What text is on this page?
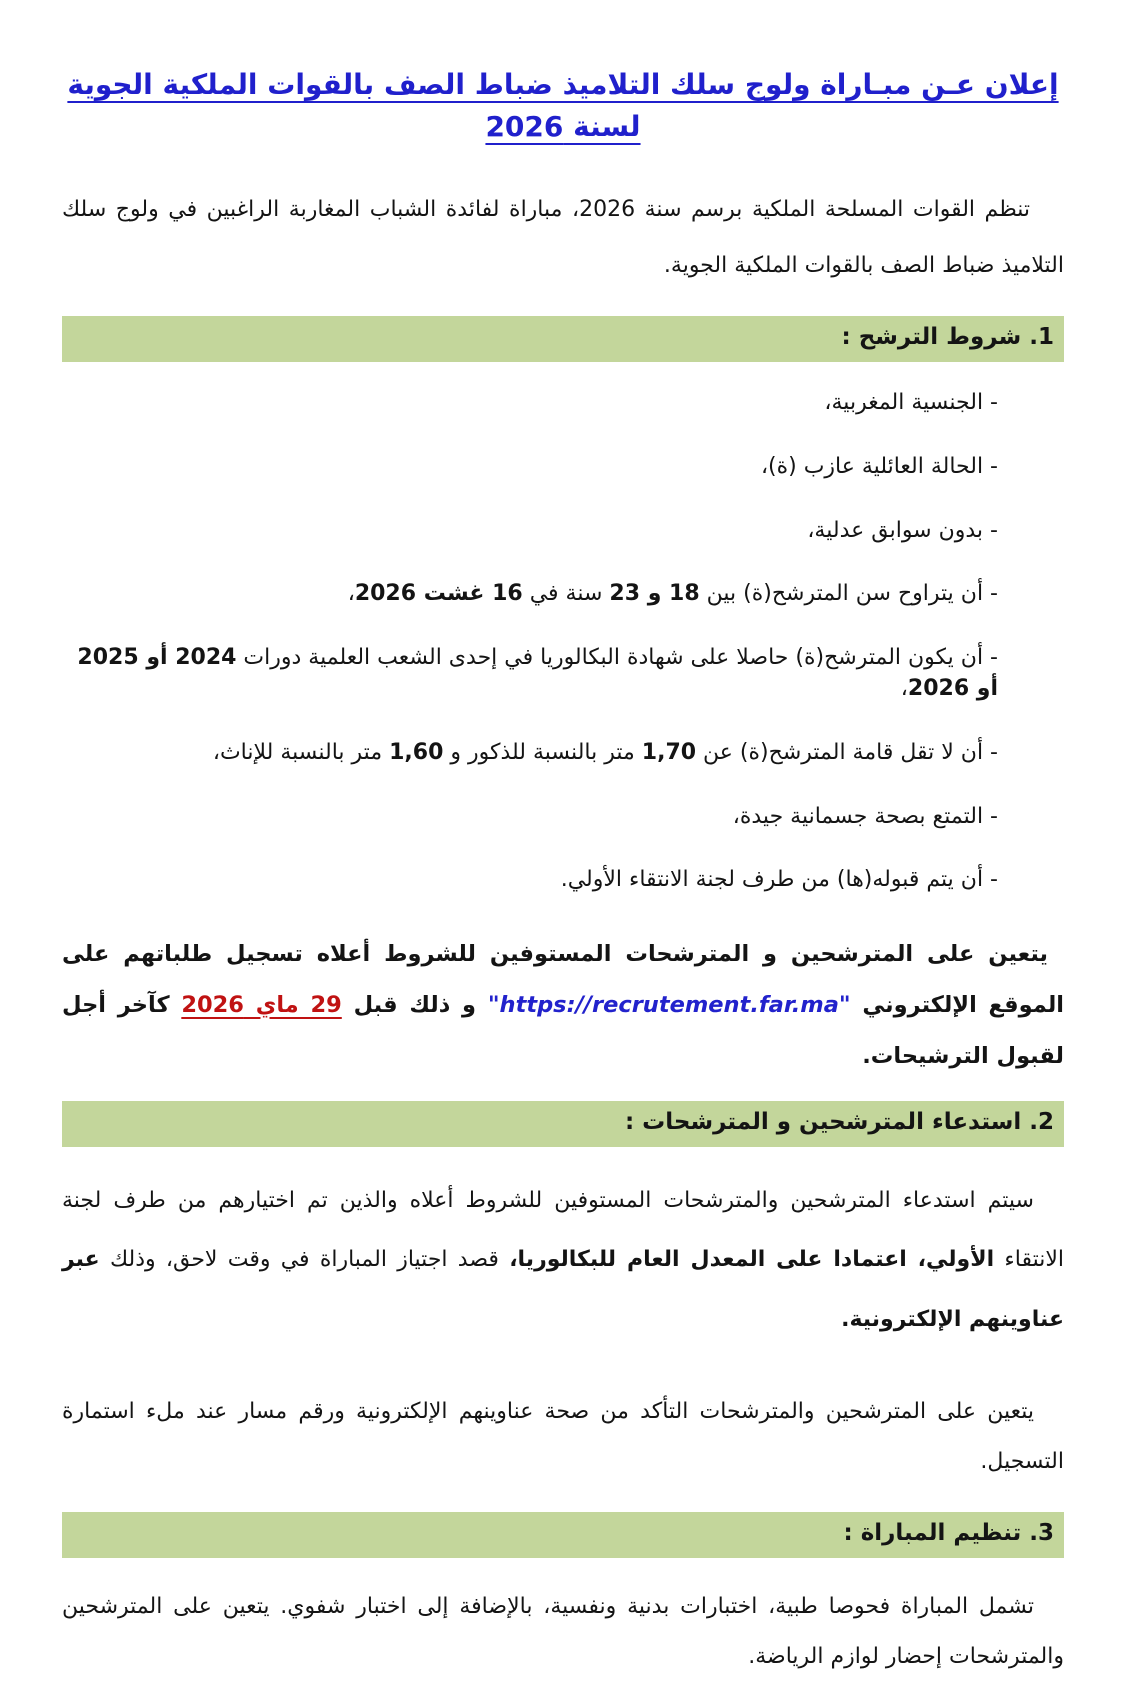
إعلان عـن مبـاراة ولوج سلك التلاميذ ضباط الصف بالقوات الملكية الجوية لسنة 2026

تنظم القوات المسلحة الملكية برسم سنة 2026، مباراة لفائدة الشباب المغاربة الراغبين في ولوج سلك التلاميذ ضباط الصف بالقوات الملكية الجوية.

1. شروط الترشح :
- الجنسية المغربية،
- الحالة العائلية عازب (ة)،
- بدون سوابق عدلية،
- أن يتراوح سن المترشح(ة) بين 18 و 23 سنة في 16 غشت 2026،
- أن يكون المترشح(ة) حاصلا على شهادة البكالوريا في إحدى الشعب العلمية دورات 2024 أو 2025 أو 2026،
- أن لا تقل قامة المترشح(ة) عن 1,70 متر بالنسبة للذكور و 1,60 متر بالنسبة للإناث،
- التمتع بصحة جسمانية جيدة،
- أن يتم قبوله(ها) من طرف لجنة الانتقاء الأولي.

يتعين على المترشحين و المترشحات المستوفين للشروط أعلاه تسجيل طلباتهم على الموقع الإلكتروني "https://recrutement.far.ma" و ذلك قبل 29 ماي 2026 كآخر أجل لقبول الترشيحات.

2. استدعاء المترشحين و المترشحات :

سيتم استدعاء المترشحين والمترشحات المستوفين للشروط أعلاه والذين تم اختيارهم من طرف لجنة الانتقاء الأولي، اعتمادا على المعدل العام للبكالوريا، قصد اجتياز المباراة في وقت لاحق، وذلك عبر عناوينهم الإلكترونية.

يتعين على المترشحين والمترشحات التأكد من صحة عناوينهم الإلكترونية ورقم مسار عند ملء استمارة التسجيل.

3. تنظيم المباراة :

تشمل المباراة فحوصا طبية، اختبارات بدنية ونفسية، بالإضافة إلى اختبار شفوي. يتعين على المترشحين والمترشحات إحضار لوازم الرياضة.
